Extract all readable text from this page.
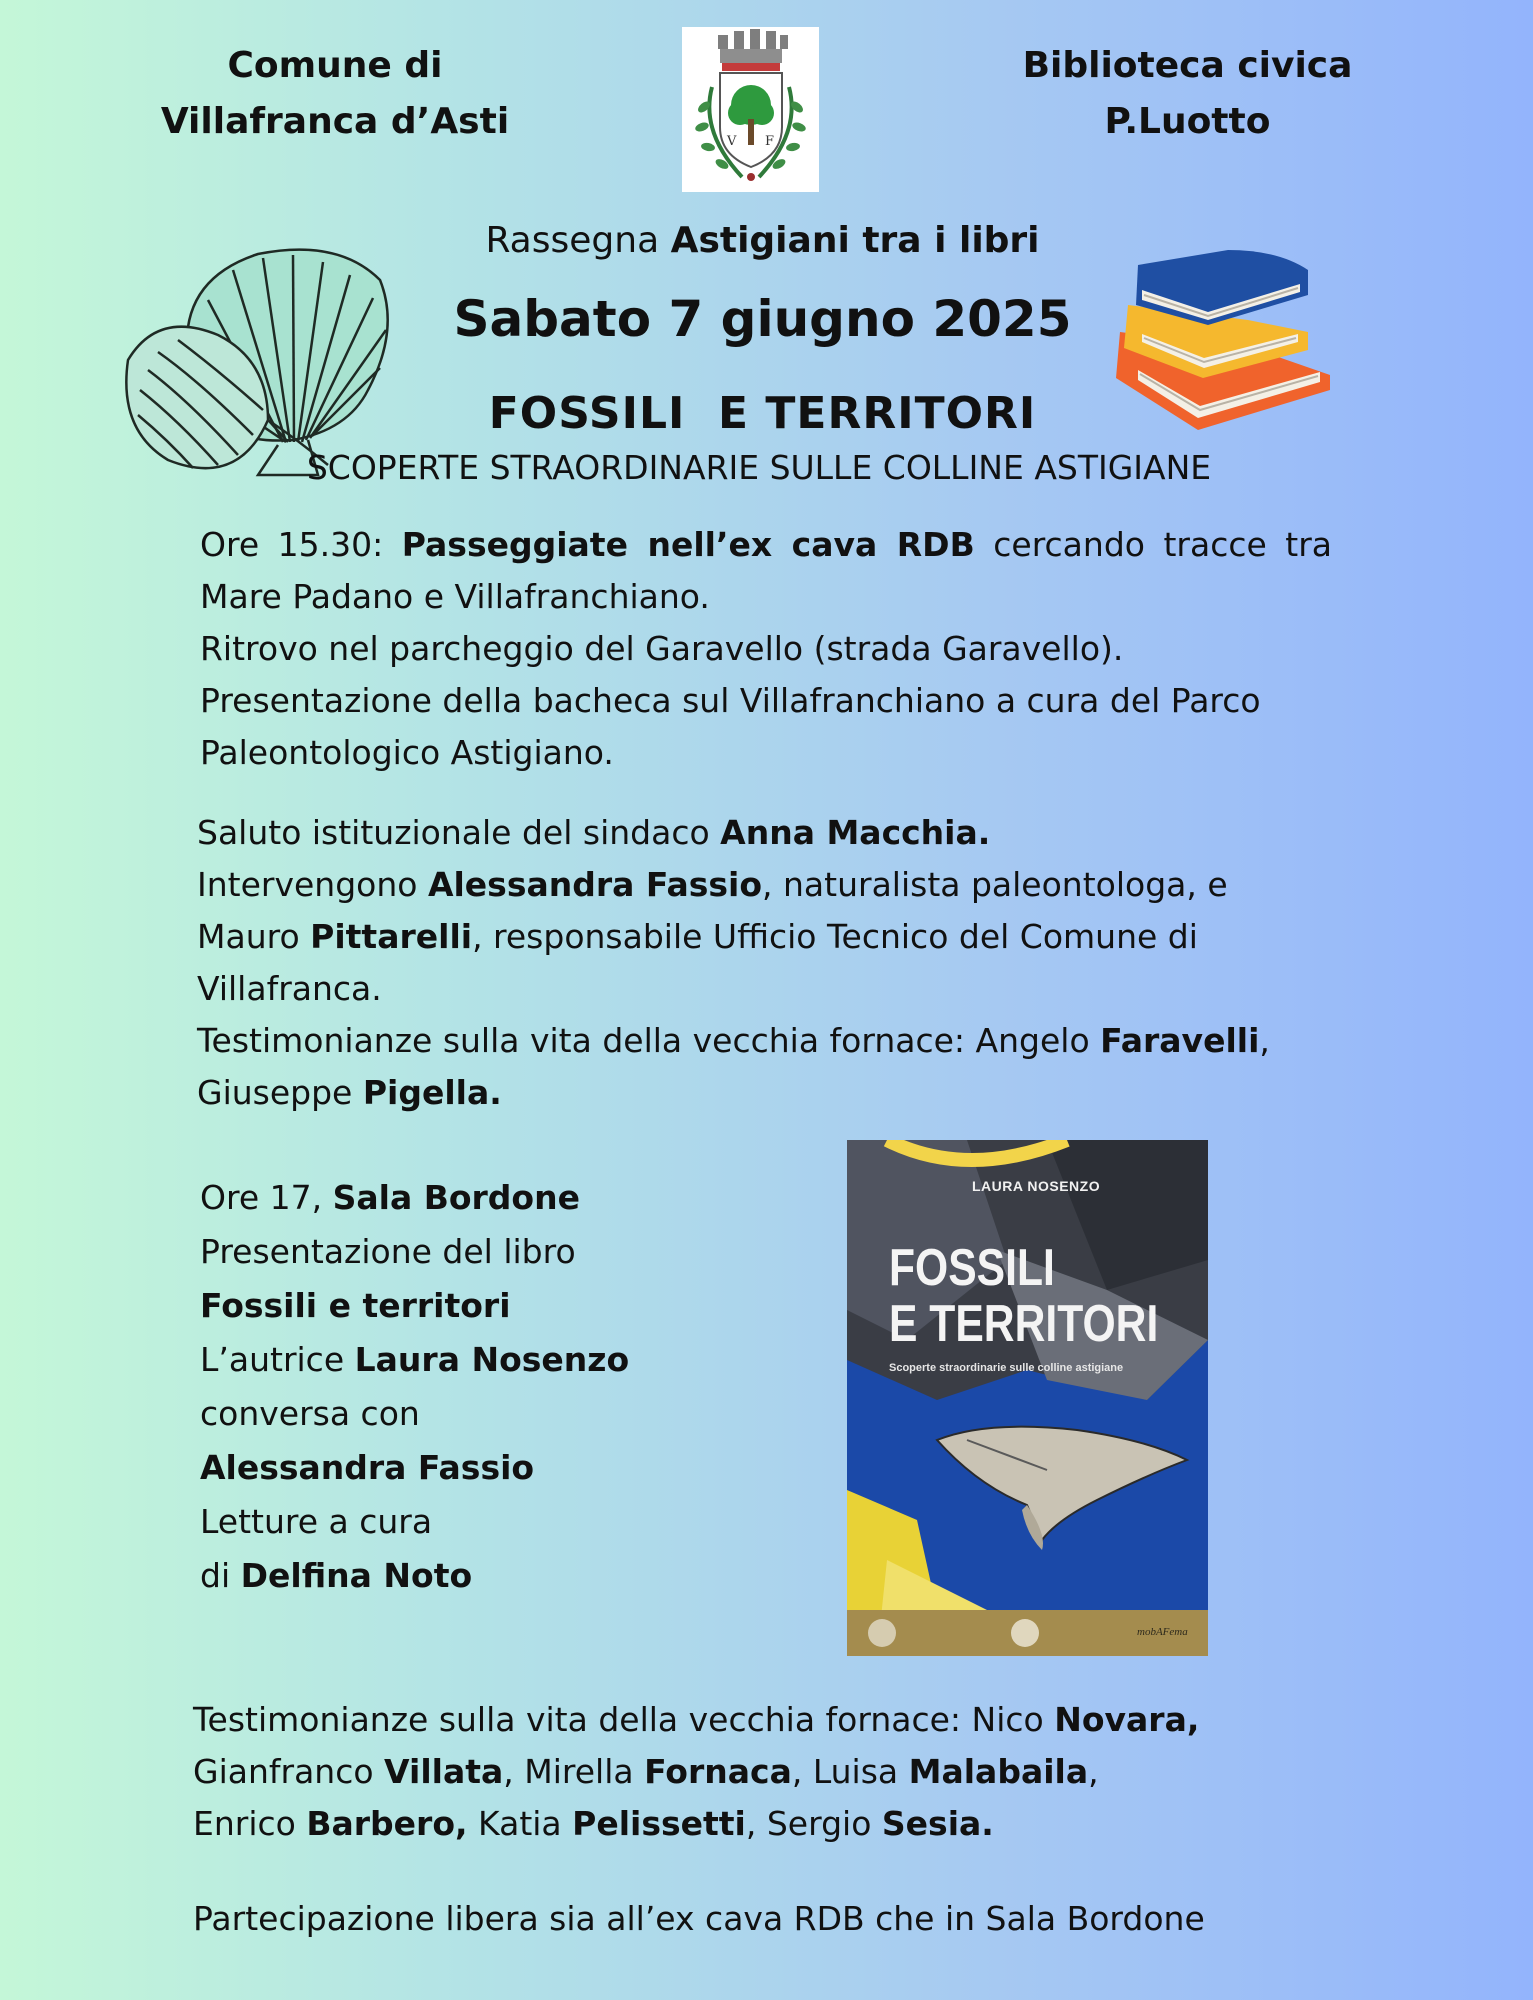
Comune di
Villafranca d’Asti	V F
Biblioteca civica
P.Luotto
Rassegna Astigiani tra i libri
Sabato 7 giugno 2025
FOSSILI  E TERRITORI
SCOPERTE STRAORDINARIE SULLE COLLINE ASTIGIANE
Ore 15.30: Passeggiate nell’ex cava RDB cercando tracce tra
Mare Padano e Villafranchiano.
Ritrovo nel parcheggio del Garavello (strada Garavello).
Presentazione della bacheca sul Villafranchiano a cura del Parco
Paleontologico Astigiano.
Saluto istituzionale del sindaco Anna Macchia.
Intervengono Alessandra Fassio, naturalista paleontologa, e
Mauro Pittarelli, responsabile Ufficio Tecnico del Comune di
Villafranca.
Testimonianze sulla vita della vecchia fornace: Angelo Faravelli,
Giuseppe Pigella.
Ore 17, Sala Bordone
Presentazione del libro
Fossili e territori
L’autrice Laura Nosenzo
conversa con
Alessandra Fassio
Letture a cura
di Delfina Noto
LAURA NOSENZO
FOSSILI
E TERRITORI
Scoperte straordinarie sulle colline astigiane
mobAFema
Testimonianze sulla vita della vecchia fornace: Nico Novara,
Gianfranco Villata, Mirella Fornaca, Luisa Malabaila,
Enrico Barbero, Katia Pelissetti, Sergio Sesia.
Partecipazione libera sia all’ex cava RDB che in Sala Bordone
